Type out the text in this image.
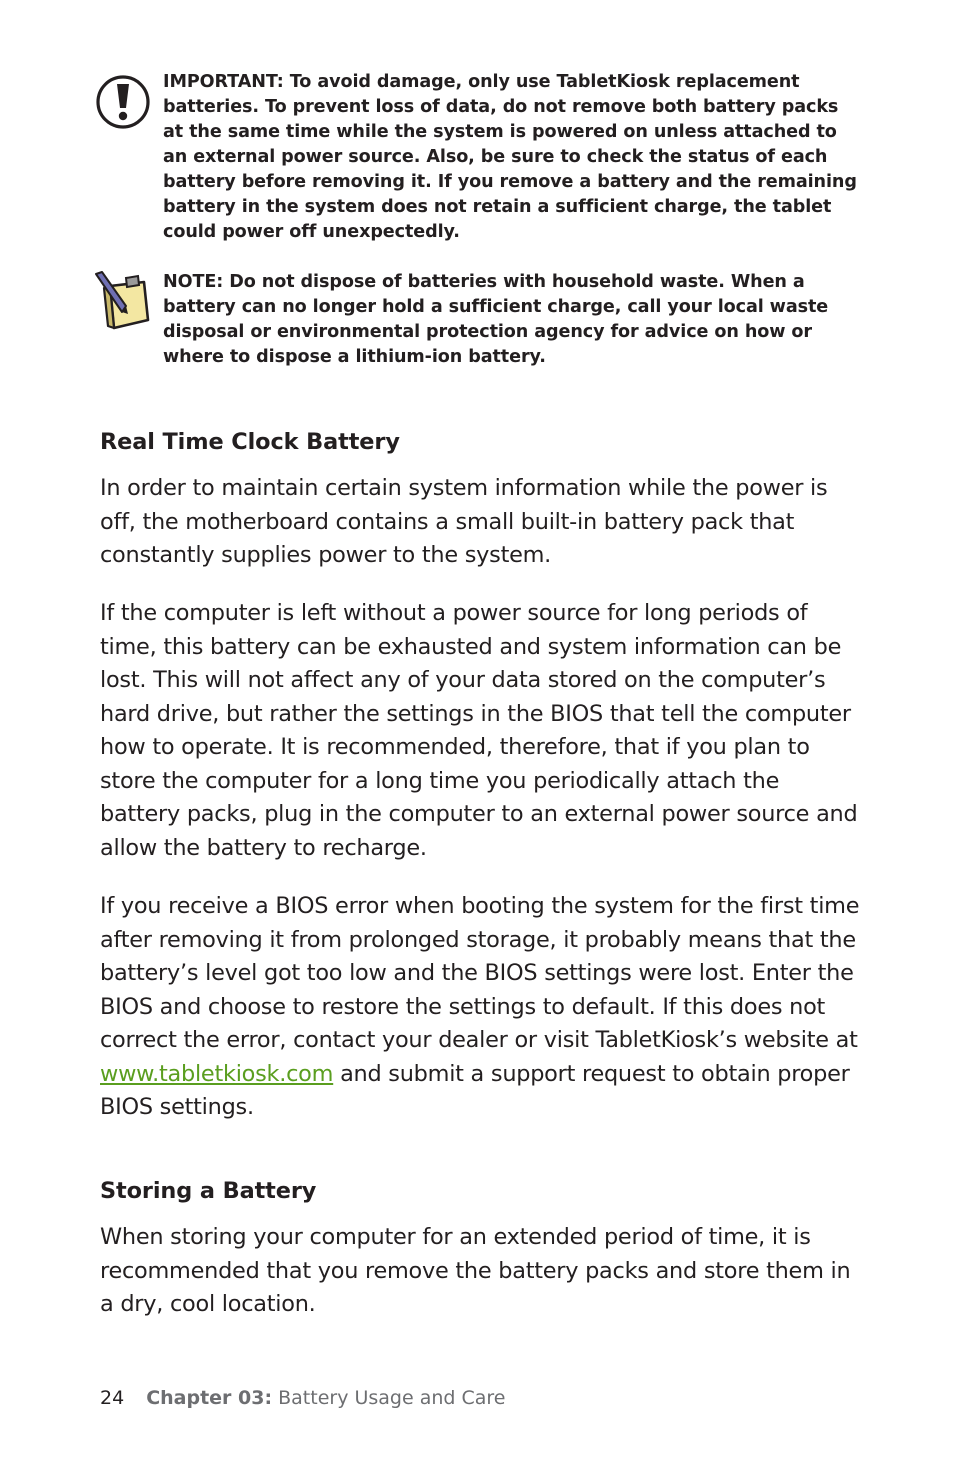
IMPORTANT: To avoid damage, only use TabletKiosk replacement batteries. To prevent loss of data, do not remove both battery packs at the same time while the system is powered on unless attached to an external power source. Also, be sure to check the status of each battery before removing it. If you remove a battery and the remaining battery in the system does not retain a sufficient charge, the tablet could power off unexpectedly.
NOTE: Do not dispose of batteries with household waste. When a battery can no longer hold a sufficient charge, call your local waste disposal or environmental protection agency for advice on how or where to dispose a lithium-ion battery.
Real Time Clock Battery

In order to maintain certain system information while the power is off, the motherboard contains a small built-in battery pack that constantly supplies power to the system.

If the computer is left without a power source for long periods of time, this battery can be exhausted and system information can be lost. This will not affect any of your data stored on the computer’s hard drive, but rather the settings in the BIOS that tell the computer how to operate. It is recommended, therefore, that if you plan to store the computer for a long time you periodically attach the battery packs, plug in the computer to an external power source and allow the battery to recharge.

If you receive a BIOS error when booting the system for the first time after removing it from prolonged storage, it probably means that the battery’s level got too low and the BIOS settings were lost. Enter the BIOS and choose to restore the settings to default. If this does not correct the error, contact your dealer or visit TabletKiosk’s website at www.tabletkiosk.com and submit a support request to obtain proper BIOS settings.

Storing a Battery

When storing your computer for an extended period of time, it is recommended that you remove the battery packs and store them in a dry, cool location.

24 Chapter 03: Battery Usage and Care
